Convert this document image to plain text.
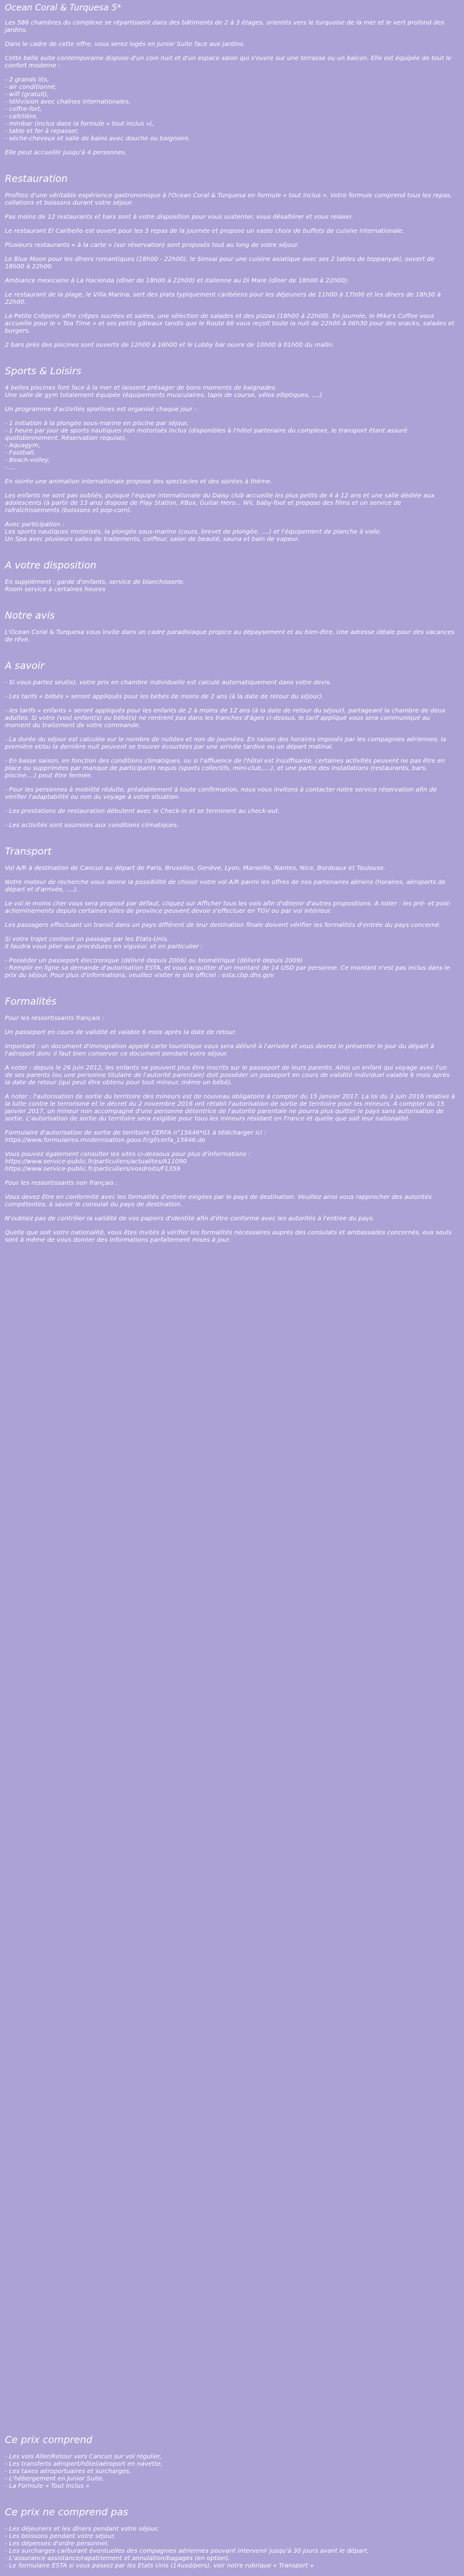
Ocean Coral & Turquesa 5*

Les 586 chambres du complexe se répartissent dans des bâtiments de 2 à 3 étages, orientés vers le turquoise de la mer et le vert profond des jardins.

Dans le cadre de cette offre, vous serez logés en Junior Suite face aux jardins.

Cette belle suite contemporaine dispose d'un coin nuit et d'un espace salon qui s'ouvre sur une terrasse ou un balcon. Elle est équipée de tout le confort moderne :

- 2 grands lits,
- air conditionné,
- wifi (gratuit),
- télévision avec chaînes internationales,
- coffre-fort,
- cafetière,
- minibar (inclus dans la formule « tout inclus »),
- table et fer à repasser,
- sèche-cheveux et salle de bains avec douche ou baignoire.

Elle peut accueillir jusqu'à 4 personnes.

Restauration

Profitez d'une véritable expérience gastronomique à l'Ocean Coral & Turquesa en formule « tout inclus ». Votre formule comprend tous les repas, collations et boissons durant votre séjour.

Pas moins de 12 restaurants et bars sont à votre disposition pour vous sustenter, vous désaltérer et vous relaxer.

Le restaurant El Caribeño est ouvert pour les 3 repas de la journée et propose un vaste choix de buffets de cuisine internationale.

Plusieurs restaurants « à la carte » (sur réservation) sont proposés tout au long de votre séjour.

Le Blue Moon pour les dîners romantiques (18h00 - 22h00), le Sensai pour une cuisine asiatique avec ses 2 tables de teppanyaki, ouvert de 18h00 à 22h00.

Ambiance mexicaine à La Hacienda (dîner de 18h00 à 22h00) et italienne au Di Mare (dîner de 18h00 à 22h00).

Le restaurant de la plage, le Villa Marina, sert des plats typiquement caribéens pour les déjeuners de 11h00 à 17h00 et les dîners de 18h30 à 22h00.

La Petite Crêperie offre crêpes sucrées et salées, une sélection de salades et des pizzas (18h00 à 22h00). En journée, le Mike's Coffee vous accueille pour le « Tea Time » et ses petits gâteaux tandis que le Route 66 vous reçoit toute la nuit de 22h00 à 06h30 pour des snacks, salades et burgers.

2 bars près des piscines sont ouverts de 12h00 à 16h00 et le Lobby bar ouvre de 10h00 à 01h00 du matin.

Sports & Loisirs

4 belles piscines font face à la mer et laissent présager de bons moments de baignades.

Une salle de gym totalement équipée (équipements musculaires, tapis de course, vélos elliptiques, ....)

Un programme d'activités sportives est organisé chaque jour :

- 1 initiation à la plongée sous-marine en piscine par séjour,
- 1 heure par jour de sports nautiques non motorisés inclus (disponibles à l'hôtel partenaire du complexe, le transport étant assuré quotidiennement. Réservation requise),
- Aquagym,
- Football,
- Beach-volley,
- ....

En soirée une animation internationale propose des spectacles et des soirées à thème.

Les enfants ne sont pas oubliés, puisque l'équipe internationale du Daisy club accueille les plus petits de 4 à 12 ans et une salle dédiée aux adolescents (à partir de 13 ans) dispose de Play Station, XBox, Guitar Hero... Wii, baby-foot et propose des films et un service de rafraîchissements (boissons et pop-corn).

Avec participation :

Les sports nautiques motorisés, la plongée sous-marine (cours, brevet de plongée, ....) et l'équipement de planche à voile.

Un Spa avec plusieurs salles de traitements, coiffeur, salon de beauté, sauna et bain de vapeur.

A votre disposition

En supplément : garde d'enfants, service de blanchisserie.

Room service à certaines heures

Notre avis

L'Ocean Coral & Turquesa vous invite dans un cadre paradisiaque propice au dépaysement et au bien-être. Une adresse idéale pour des vacances de rêve.

A savoir
- Si vous partez seul(e), votre prix en chambre individuelle est calculé automatiquement dans votre devis.
- Les tarifs « bébés » seront appliqués pour les bébés de moins de 2 ans (à la date de retour du séjour).
- les tarifs « enfants » seront appliqués pour les enfants de 2 à moins de 12 ans (à la date de retour du séjour), partageant la chambre de deux adultes. Si votre (vos) enfant(s) ou bébé(s) ne rentrent pas dans les tranches d'âges ci-dessus, le tarif appliqué vous sera communiqué au moment du traitement de votre commande.
- La durée du séjour est calculée sur le nombre de nuitées et non de journées. En raison des horaires imposés par les compagnies aériennes, la première et/ou la dernière nuit peuvent se trouver écourtées par une arrivée tardive ou un départ matinal.
- En basse saison, en fonction des conditions climatiques, ou si l'affluence de l'hôtel est insuffisante, certaines activités peuvent ne pas être en place ou supprimées par manque de participants requis (sports collectifs, mini-club,....), et une partie des installations (restaurants, bars, piscine....) peut être fermée.
- Pour les personnes à mobilité réduite, préalablement à toute confirmation, nous vous invitons à contacter notre service réservation afin de vérifier l'adaptabilité ou non du voyage à votre situation.
- Les prestations de restauration débutent avec le Check-in et se terminent au check-out.
- Les activités sont soumises aux conditions climatiques.
Transport

Vol A/R à destination de Cancun au départ de Paris, Bruxelles, Genève, Lyon, Marseille, Nantes, Nice, Bordeaux et Toulouse.

Notre moteur de recherche vous donne la possibilité de choisir votre vol A/R parmi les offres de nos partenaires aériens (horaires, aéroports de départ et d'arrivée, ....).

Le vol le moins cher vous sera proposé par défaut, cliquez sur Afficher tous les vols afin d'obtenir d'autres propositions. A noter : les pré- et post- acheminements depuis certaines villes de province peuvent devoir s'effectuer en TGV ou par vol intérieur.

Les passagers effectuant un transit dans un pays différent de leur destination finale doivent vérifier les formalités d'entrée du pays concerné.

Si votre trajet contient un passage par les Etats-Unis.

Il faudra vous plier aux procédures en vigueur, et en particulier :

- Posséder un passeport électronique (délivré depuis 2006) ou biométrique (délivré depuis 2009)
- Remplir en ligne sa demande d'autorisation ESTA, et vous acquitter d'un montant de 14 USD par personne. Ce montant n'est pas inclus dans le prix du séjour. Pour plus d'informations, veuillez visiter le site officiel : esta.cbp.dhs.gov
Formalités

Pour les ressortissants français :

Un passeport en cours de validité et valable 6 mois après la date de retour.

Important : un document d'immigration appelé carte touristique vous sera délivré à l'arrivée et vous devrez le présenter le jour du départ à l'aéroport donc il faut bien conserver ce document pendant votre séjour.

A noter : depuis le 26 juin 2012, les enfants ne peuvent plus être inscrits sur le passeport de leurs parents. Ainsi un enfant qui voyage avec l'un de ses parents (ou une personne titulaire de l'autorité parentale) doit posséder un passeport en cours de validité individuel valable 6 mois après la date de retour (qui peut être obtenu pour tout mineur, même un bébé).

A noter : l'autorisation de sortie du territoire des mineurs est de nouveau obligatoire à compter du 15 janvier 2017. La loi du 3 juin 2016 relative à la lutte contre le terrorisme et le décret du 2 novembre 2016 ont rétabli l'autorisation de sortie de territoire pour les mineurs. A compter du 15 janvier 2017, un mineur non accompagné d'une personne détentrice de l'autorité parentale ne pourra plus quitter le pays sans autorisation de sortie. L'autorisation de sortie du territoire sera exigible pour tous les mineurs résidant en France et quelle que soit leur nationalité.

Formulaire d'autorisation de sortie de territoire CERFA n°15646*01 à télécharger ici :

https://www.formulaires.modernisation.gouv.fr/gf/cerfa_15646.do

Vous pouvez également consulter les sites ci-dessous pour plus d'informations :

https://www.service-public.fr/particuliers/actualites/A11090
https://www.service-public.fr/particuliers/vosdroits/F1359

Pour les ressortissants non français :

Vous devez être en conformité avec les formalités d'entrée exigées par le pays de destination. Veuillez ainsi vous rapprocher des autorités compétentes, à savoir le consulat du pays de destination.

N'oubliez pas de contrôler la validité de vos papiers d'identité afin d'être conforme avec les autorités à l'entrée du pays.

Quelle que soit votre nationalité, vous êtes invités à vérifier les formalités nécessaires auprès des consulats et ambassades concernés, eux seuls sont à même de vous donner des informations parfaitement mises à jour.

Ce prix comprend
- Les vols Aller/Retour vers Cancun sur vol régulier,
- Les transferts aéroport/hôtel/aéroport en navette,
- Les taxes aéroportuaires et surcharges,
- L'hébergement en Junior Suite,
- La Formule « Tout Inclus »
Ce prix ne comprend pas
- Les déjeuners et les dîners pendant votre séjour,
- Les boissons pendant votre séjour,
- Les dépenses d'ordre personnel,
- Les surcharges carburant éventuelles des compagnies aériennes pouvant intervenir jusqu'à 30 jours avant le départ,
- L'assurance assistance/rapatriement et annulation/bagages (en option),
- Le formulaire ESTA si vous passez par les Etats Unis (14usd/pers), voir notre rubrique « Transport »
